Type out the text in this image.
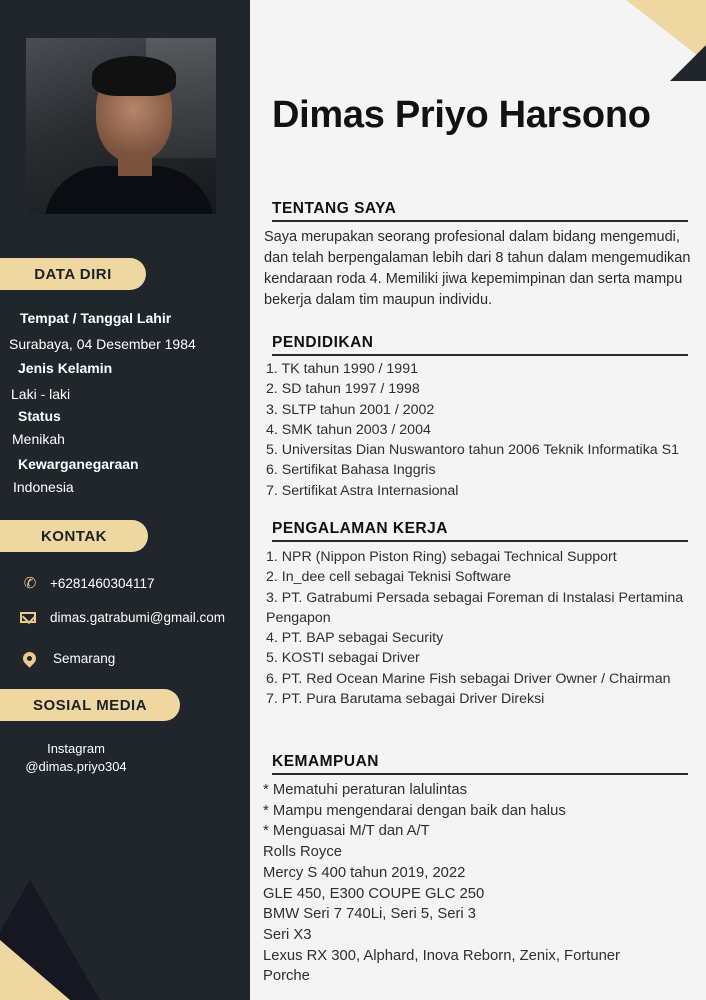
DATA DIRI
Tempat / Tanggal Lahir
Surabaya, 04 Desember 1984
Jenis Kelamin
Laki - laki
Status
Menikah
Kewarganegaraan
Indonesia
KONTAK
✆ +6281460304117
dimas.gatrabumi@gmail.com
Semarang
SOSIAL MEDIA
Instagram
@dimas.priyo304
Dimas Priyo Harsono
TENTANG SAYA

Saya merupakan seorang profesional dalam bidang mengemudi, dan telah berpengalaman lebih dari 8 tahun dalam mengemudikan kendaraan roda 4. Memiliki jiwa kepemimpinan dan serta mampu bekerja dalam tim maupun individu.

PENDIDIKAN
1. TK tahun 1990 / 1991
2. SD tahun 1997 / 1998
3. SLTP tahun 2001 / 2002
4. SMK tahun 2003 / 2004
5. Universitas Dian Nuswantoro tahun 2006 Teknik Informatika S1
6. Sertifikat Bahasa Inggris
7. Sertifikat Astra Internasional
PENGALAMAN KERJA
1. NPR (Nippon Piston Ring) sebagai Technical Support
2. In_dee cell sebagai Teknisi Software
3. PT. Gatrabumi Persada sebagai Foreman di Instalasi Pertamina Pengapon
4. PT. BAP sebagai Security
5. KOSTI sebagai Driver
6. PT. Red Ocean Marine Fish sebagai Driver Owner / Chairman
7. PT. Pura Barutama sebagai Driver Direksi
KEMAMPUAN
* Mematuhi peraturan lalulintas
* Mampu mengendarai dengan baik dan halus
* Menguasai M/T dan A/T
Rolls Royce
Mercy S 400 tahun 2019, 2022
GLE 450, E300 COUPE GLC 250
BMW Seri 7 740Li, Seri 5, Seri 3
Seri X3
Lexus RX 300, Alphard, Inova Reborn, Zenix, Fortuner
Porche
